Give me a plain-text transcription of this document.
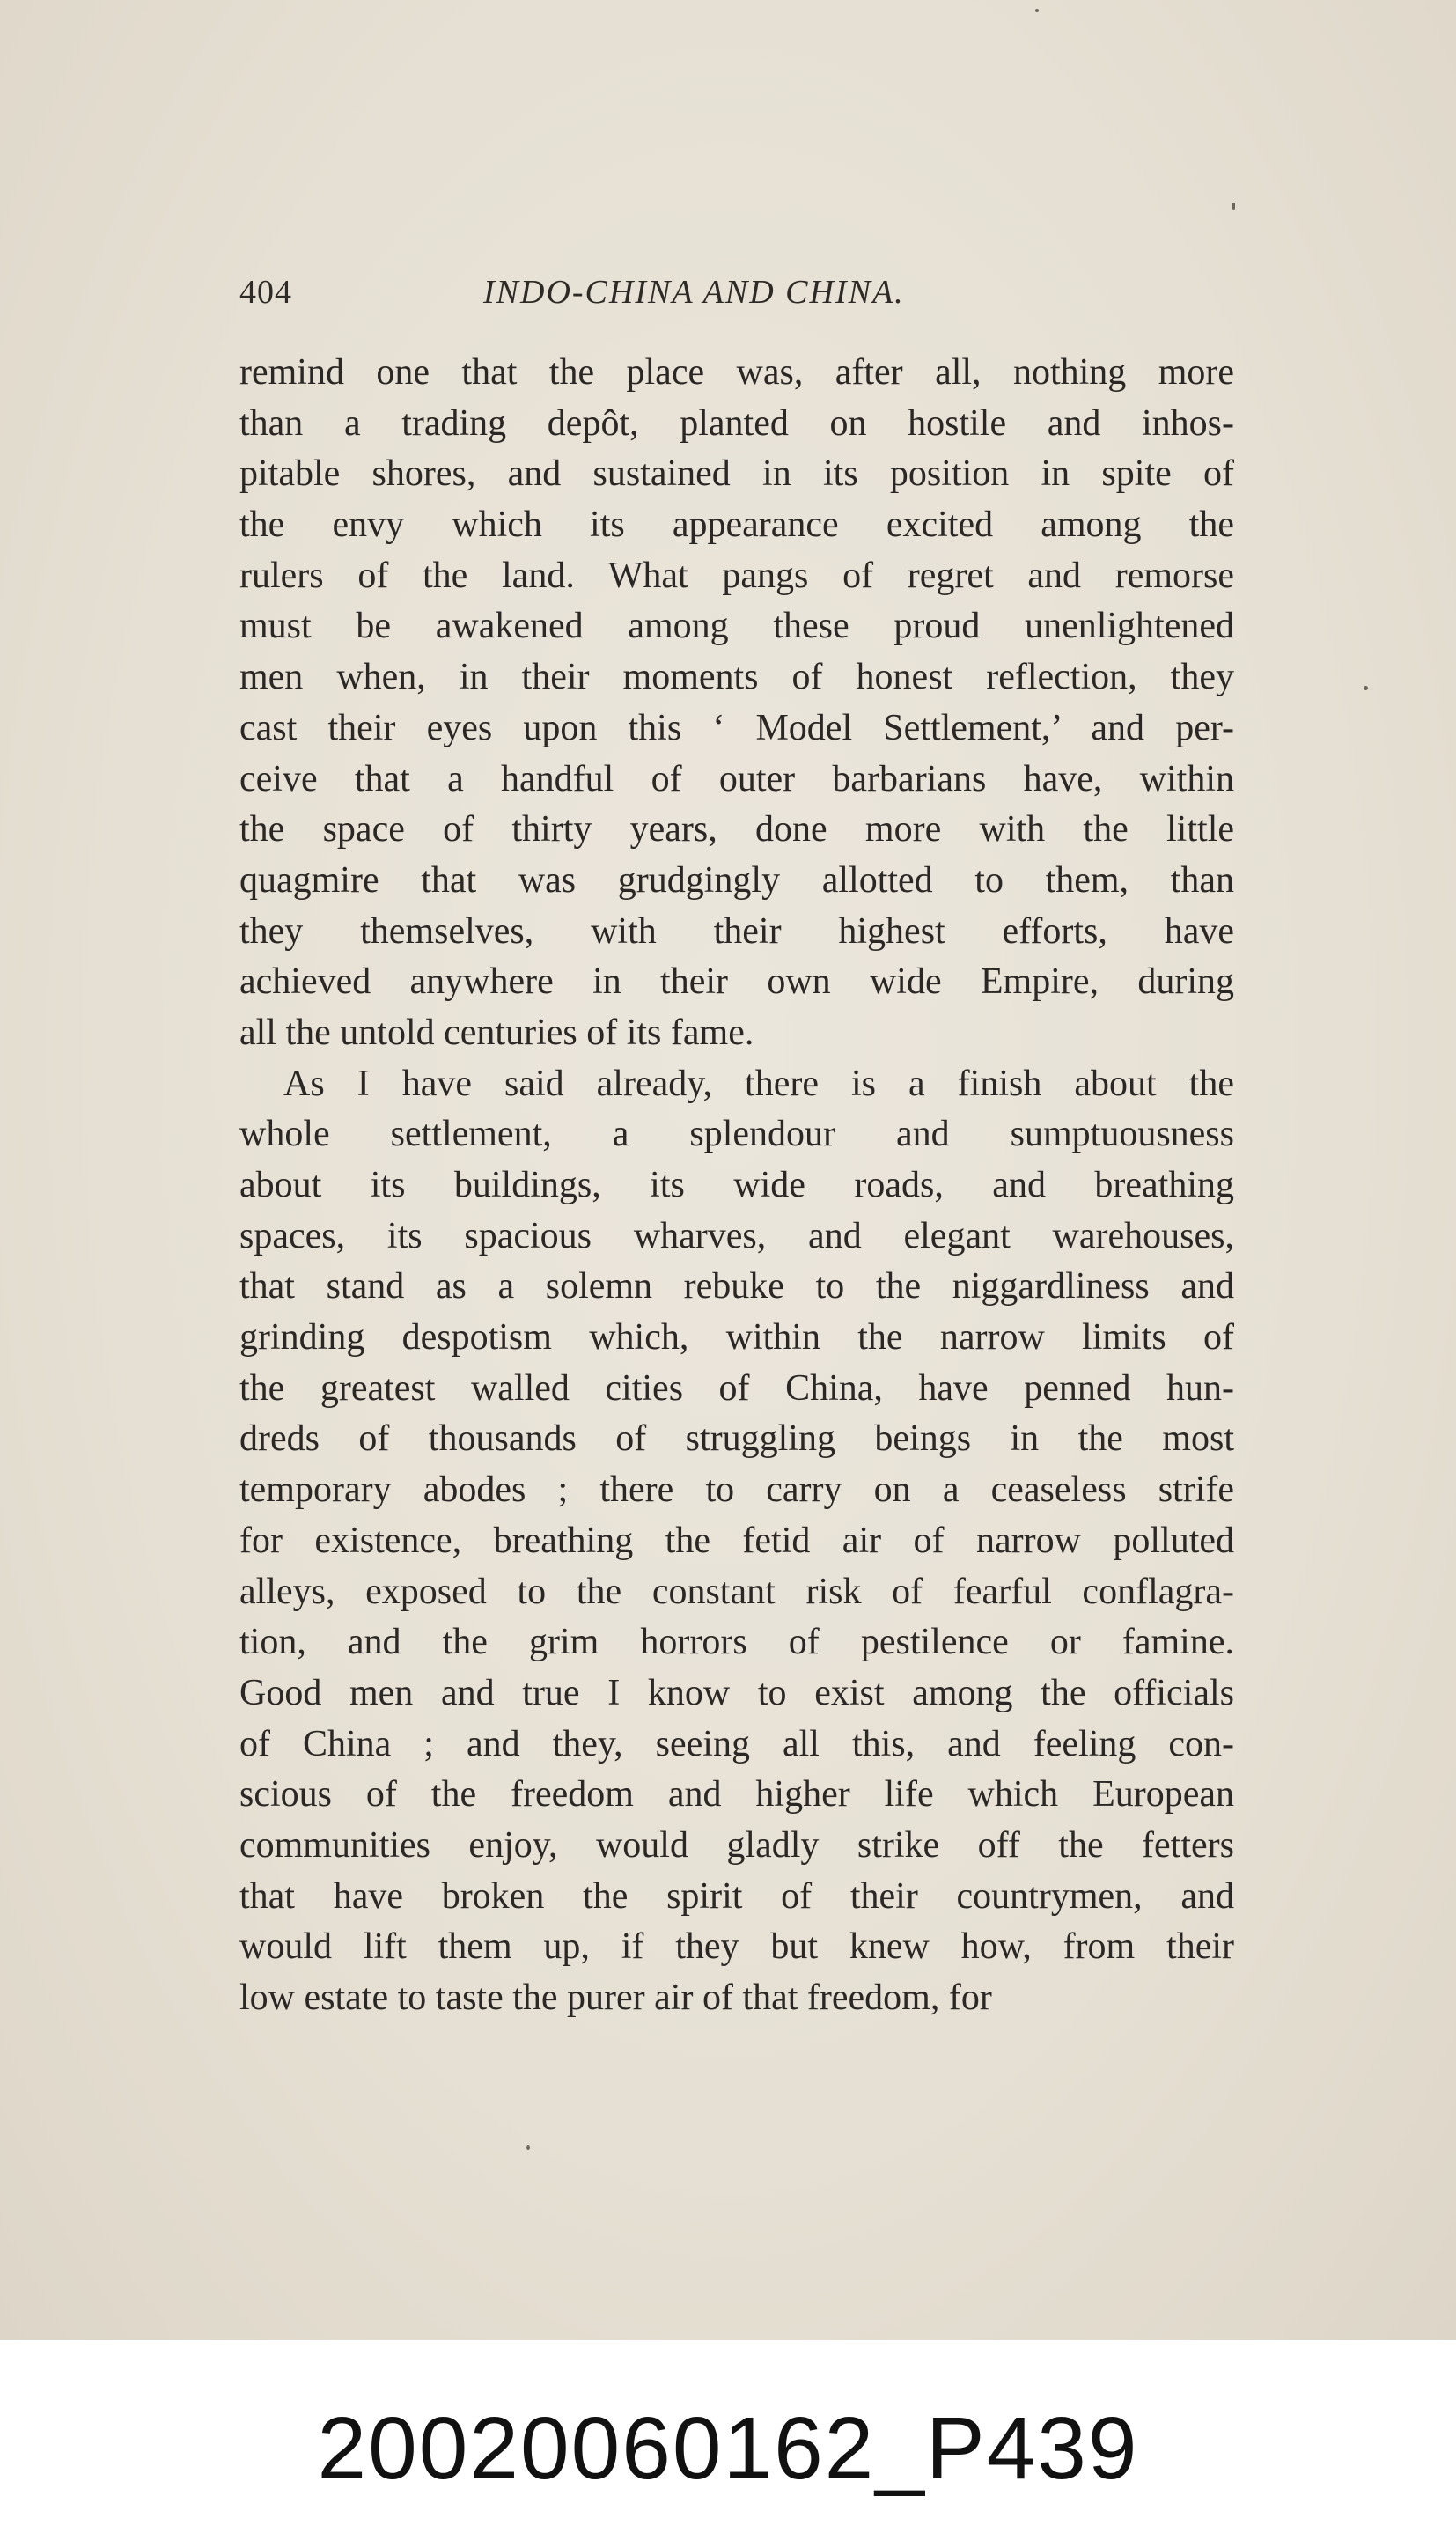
404	INDO-CHINA AND CHINA.
remind one that the place was, after all, nothing more
than a trading depôt, planted on hostile and inhos-
pitable shores, and sustained in its position in spite of
the envy which its appearance excited among the
rulers of the land. What pangs of regret and remorse
must be awakened among these proud unenlightened
men when, in their moments of honest reflection, they
cast their eyes upon this ‘ Model Settlement,’ and per-
ceive that a handful of outer barbarians have, within
the space of thirty years, done more with the little
quagmire that was grudgingly allotted to them, than
they themselves, with their highest efforts, have
achieved anywhere in their own wide Empire, during
all the untold centuries of its fame.
As I have said already, there is a finish about the
whole settlement, a splendour and sumptuousness
about its buildings, its wide roads, and breathing
spaces, its spacious wharves, and elegant warehouses,
that stand as a solemn rebuke to the niggardliness and
grinding despotism which, within the narrow limits of
the greatest walled cities of China, have penned hun-
dreds of thousands of struggling beings in the most
temporary abodes ; there to carry on a ceaseless strife
for existence, breathing the fetid air of narrow polluted
alleys, exposed to the constant risk of fearful conflagra-
tion, and the grim horrors of pestilence or famine.
Good men and true I know to exist among the officials
of China ; and they, seeing all this, and feeling con-
scious of the freedom and higher life which European
communities enjoy, would gladly strike off the fetters
that have broken the spirit of their countrymen, and
would lift them up, if they but knew how, from their
low estate to taste the purer air of that freedom, for
20020060162_P439
